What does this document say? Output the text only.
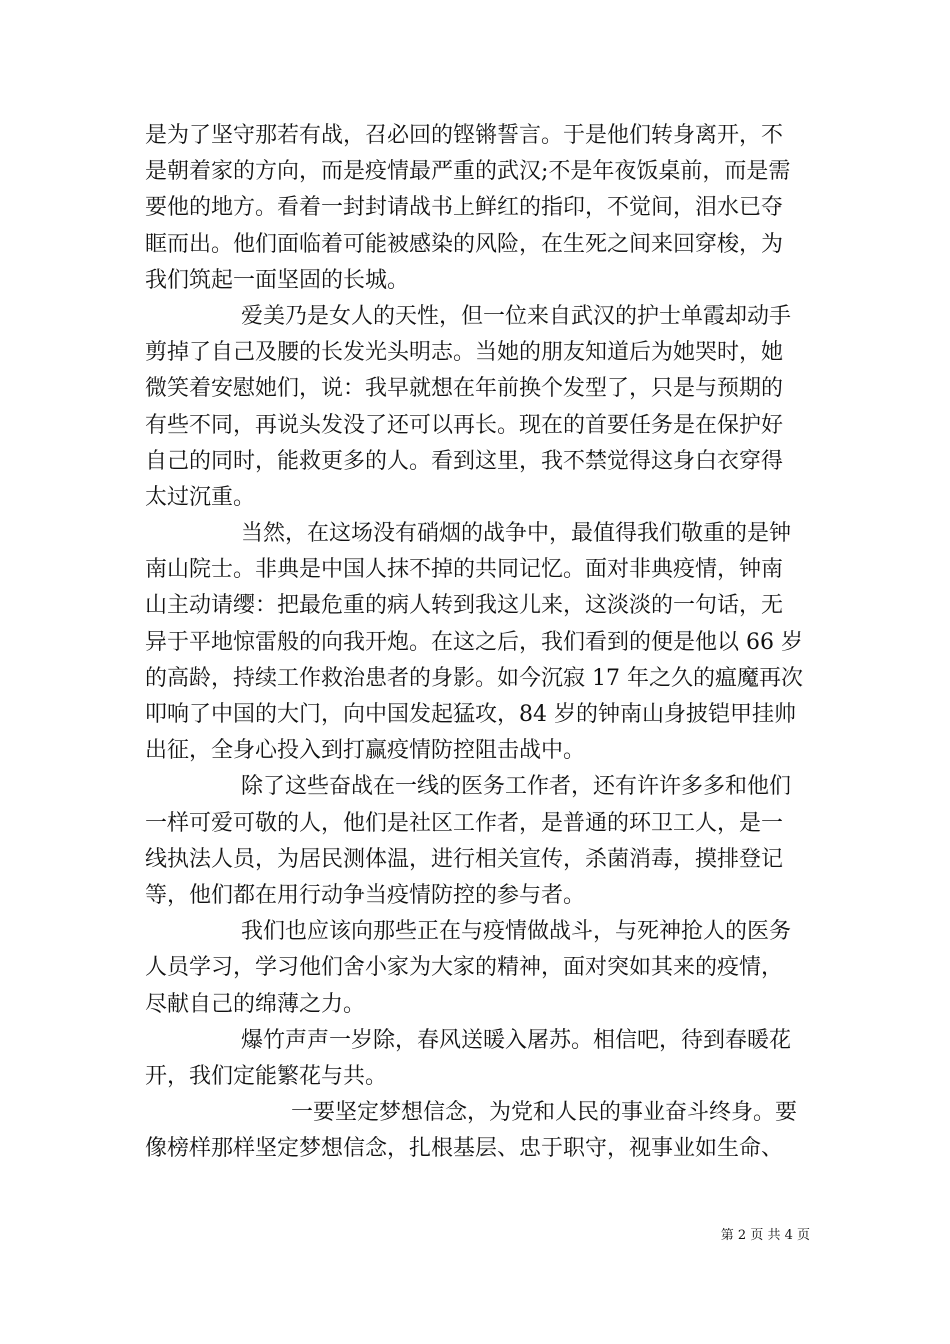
是为了坚守那若有战，召必回的铿锵誓言。于是他们转身离开，不
是朝着家的方向，而是疫情最严重的武汉;不是年夜饭桌前，而是需
要他的地方。看着一封封请战书上鲜红的指印，不觉间，泪水已夺
眶而出。他们面临着可能被感染的风险，在生死之间来回穿梭，为
我们筑起一面坚固的长城。
爱美乃是女人的天性，但一位来自武汉的护士单霞却动手
剪掉了自己及腰的长发光头明志。当她的朋友知道后为她哭时，她
微笑着安慰她们，说：我早就想在年前换个发型了，只是与预期的
有些不同，再说头发没了还可以再长。现在的首要任务是在保护好
自己的同时，能救更多的人。看到这里，我不禁觉得这身白衣穿得
太过沉重。
当然，在这场没有硝烟的战争中，最值得我们敬重的是钟
南山院士。非典是中国人抹不掉的共同记忆。面对非典疫情，钟南
山主动请缨：把最危重的病人转到我这儿来，这淡淡的一句话，无
异于平地惊雷般的向我开炮。在这之后，我们看到的便是他以 66 岁
的高龄，持续工作救治患者的身影。如今沉寂 17 年之久的瘟魔再次
叩响了中国的大门，向中国发起猛攻，84 岁的钟南山身披铠甲挂帅
出征，全身心投入到打赢疫情防控阻击战中。
除了这些奋战在一线的医务工作者，还有许许多多和他们
一样可爱可敬的人，他们是社区工作者，是普通的环卫工人，是一
线执法人员，为居民测体温，进行相关宣传，杀菌消毒，摸排登记
等，他们都在用行动争当疫情防控的参与者。
我们也应该向那些正在与疫情做战斗，与死神抢人的医务
人员学习，学习他们舍小家为大家的精神，面对突如其来的疫情，
尽献自己的绵薄之力。
爆竹声声一岁除，春风送暖入屠苏。相信吧，待到春暖花
开，我们定能繁花与共。
一要坚定梦想信念，为党和人民的事业奋斗终身。要
像榜样那样坚定梦想信念，扎根基层、忠于职守，视事业如生命、
第 2 页 共 4 页
